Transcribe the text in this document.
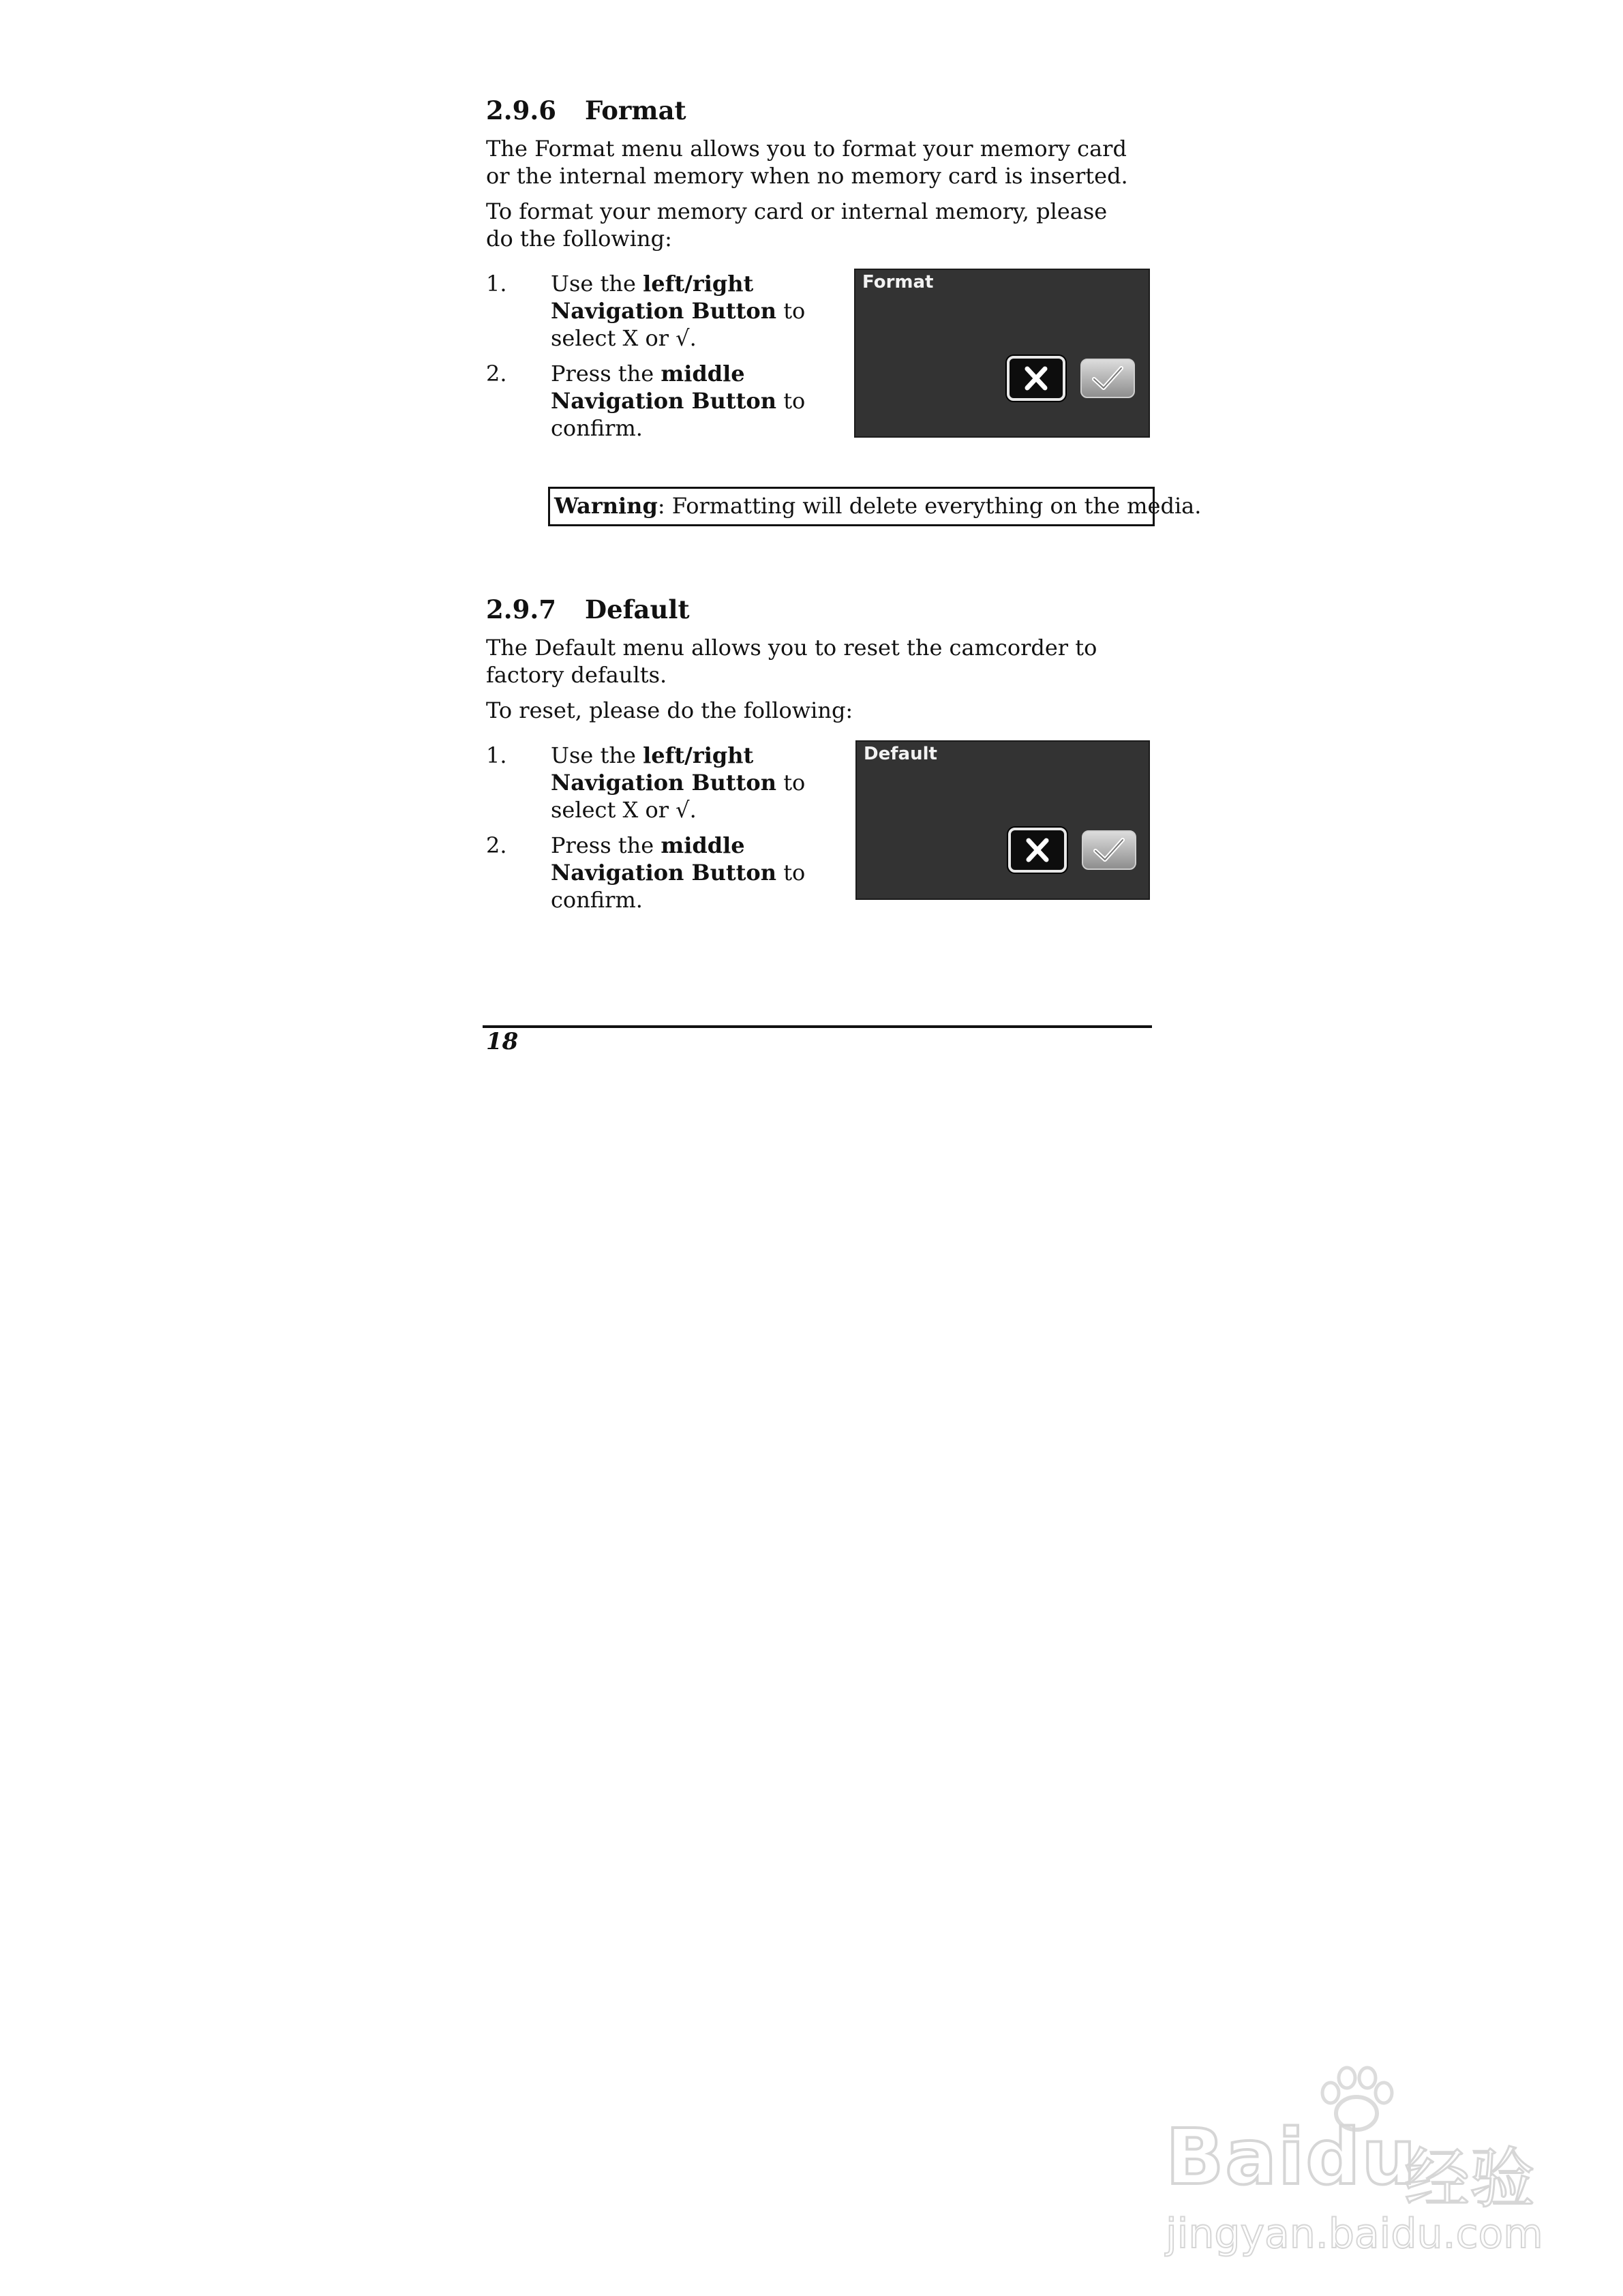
2.9.6 Format
The Format menu allows you to format your memory card or the internal memory when no memory card is inserted.
To format your memory card or internal memory, please do the following:
1. Use the left/right
Navigation Button to select X or √.
2. Press the middle
Navigation Button to confirm.
Format
Warning: Formatting will delete everything on the media.
2.9.7 Default
The Default menu allows you to reset the camcorder to factory defaults.
To reset, please do the following:
1. Use the left/right
Navigation Button to select X or √.
2. Press the middle
Navigation Button to confirm.
Default
18
Baidu
经验
jingyan.baidu.com
